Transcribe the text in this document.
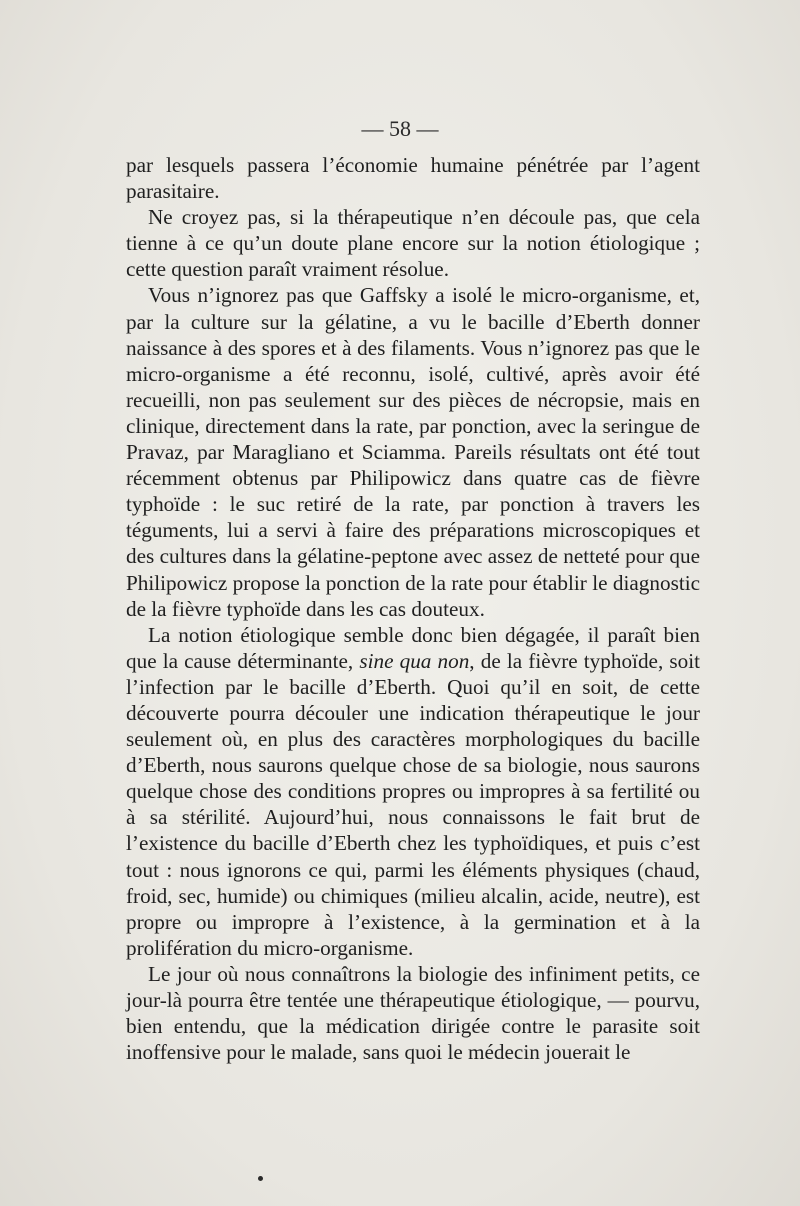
— 58 —

par lesquels passera l’économie humaine pénétrée par l’agent parasitaire.

Ne croyez pas, si la thérapeutique n’en découle pas, que cela tienne à ce qu’un doute plane encore sur la notion étiologique ; cette question paraît vraiment résolue.

Vous n’ignorez pas que Gaffsky a isolé le micro-organisme, et, par la culture sur la gélatine, a vu le bacille d’Eberth donner naissance à des spores et à des filaments. Vous n’ignorez pas que le micro-organisme a été reconnu, isolé, cultivé, après avoir été recueilli, non pas seulement sur des pièces de nécropsie, mais en clinique, directement dans la rate, par ponction, avec la seringue de Pravaz, par Maragliano et Sciamma. Pareils résultats ont été tout récemment obtenus par Philipowicz dans quatre cas de fièvre typhoïde : le suc retiré de la rate, par ponction à travers les téguments, lui a servi à faire des préparations microscopiques et des cultures dans la gélatine-peptone avec assez de netteté pour que Philipowicz propose la ponction de la rate pour établir le diagnostic de la fièvre typhoïde dans les cas douteux.

La notion étiologique semble donc bien dégagée, il paraît bien que la cause déterminante, sine qua non, de la fièvre typhoïde, soit l’infection par le bacille d’Eberth. Quoi qu’il en soit, de cette découverte pourra découler une indication thérapeutique le jour seulement où, en plus des caractères morphologiques du bacille d’Eberth, nous saurons quelque chose de sa biologie, nous saurons quelque chose des conditions propres ou impropres à sa fertilité ou à sa stérilité. Aujourd’hui, nous connaissons le fait brut de l’existence du bacille d’Eberth chez les typhoïdiques, et puis c’est tout : nous ignorons ce qui, parmi les éléments physiques (chaud, froid, sec, humide) ou chimiques (milieu alcalin, acide, neutre), est propre ou impropre à l’existence, à la germination et à la prolifération du micro-organisme.

Le jour où nous connaîtrons la biologie des infiniment petits, ce jour-là pourra être tentée une thérapeutique étiologique, — pourvu, bien entendu, que la médication dirigée contre le parasite soit inoffensive pour le malade, sans quoi le médecin jouerait le
